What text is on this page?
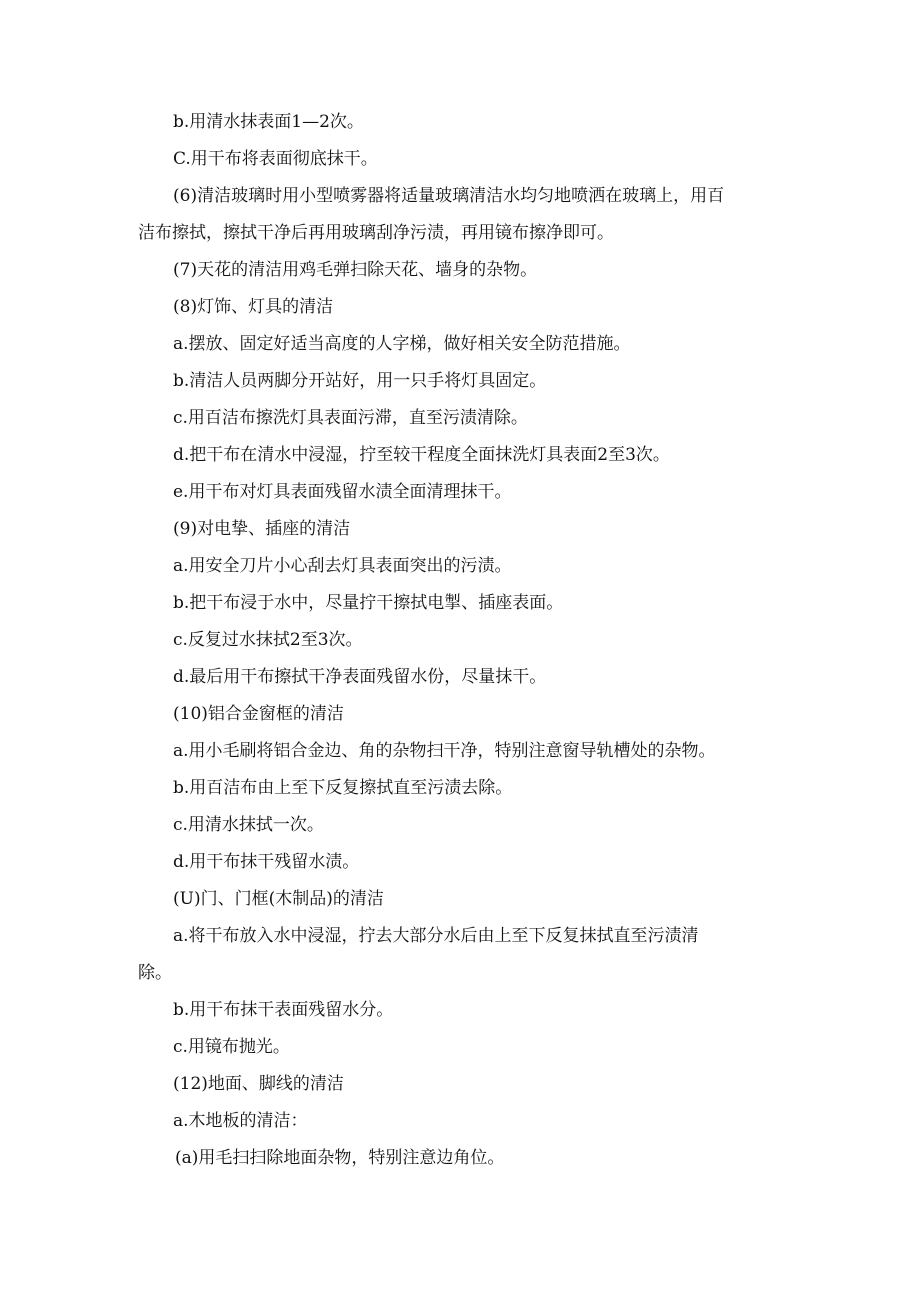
b.用清水抹表面1—2次。
C.用干布将表面彻底抹干。
(6)清洁玻璃时用小型喷雾器将适量玻璃清洁水均匀地喷洒在玻璃上，用百
洁布擦拭，擦拭干净后再用玻璃刮净污渍，再用镜布擦净即可。
(7)天花的清洁用鸡毛弹扫除天花、墙身的杂物。
(8)灯饰、灯具的清洁
a.摆放、固定好适当高度的人字梯，做好相关安全防范措施。
b.清洁人员两脚分开站好，用一只手将灯具固定。
c.用百洁布擦洗灯具表面污滞，直至污渍清除。
d.把干布在清水中浸湿，拧至较干程度全面抹洗灯具表面2至3次。
e.用干布对灯具表面残留水渍全面清理抹干。
(9)对电挚、插座的清洁
a.用安全刀片小心刮去灯具表面突出的污渍。
b.把干布浸于水中，尽量拧干擦拭电掣、插座表面。
c.反复过水抹拭2至3次。
d.最后用干布擦拭干净表面残留水份，尽量抹干。
(10)铝合金窗框的清洁
a.用小毛刷将铝合金边、角的杂物扫干净，特别注意窗导轨槽处的杂物。
b.用百洁布由上至下反复擦拭直至污渍去除。
c.用清水抹拭一次。
d.用干布抹干残留水渍。
(U)门、门框(木制品)的清洁
a.将干布放入水中浸湿，拧去大部分水后由上至下反复抹拭直至污渍清
除。
b.用干布抹干表面残留水分。
c.用镜布抛光。
(12)地面、脚线的清洁
a.木地板的清洁：
(a)用毛扫扫除地面杂物，特别注意边角位。
